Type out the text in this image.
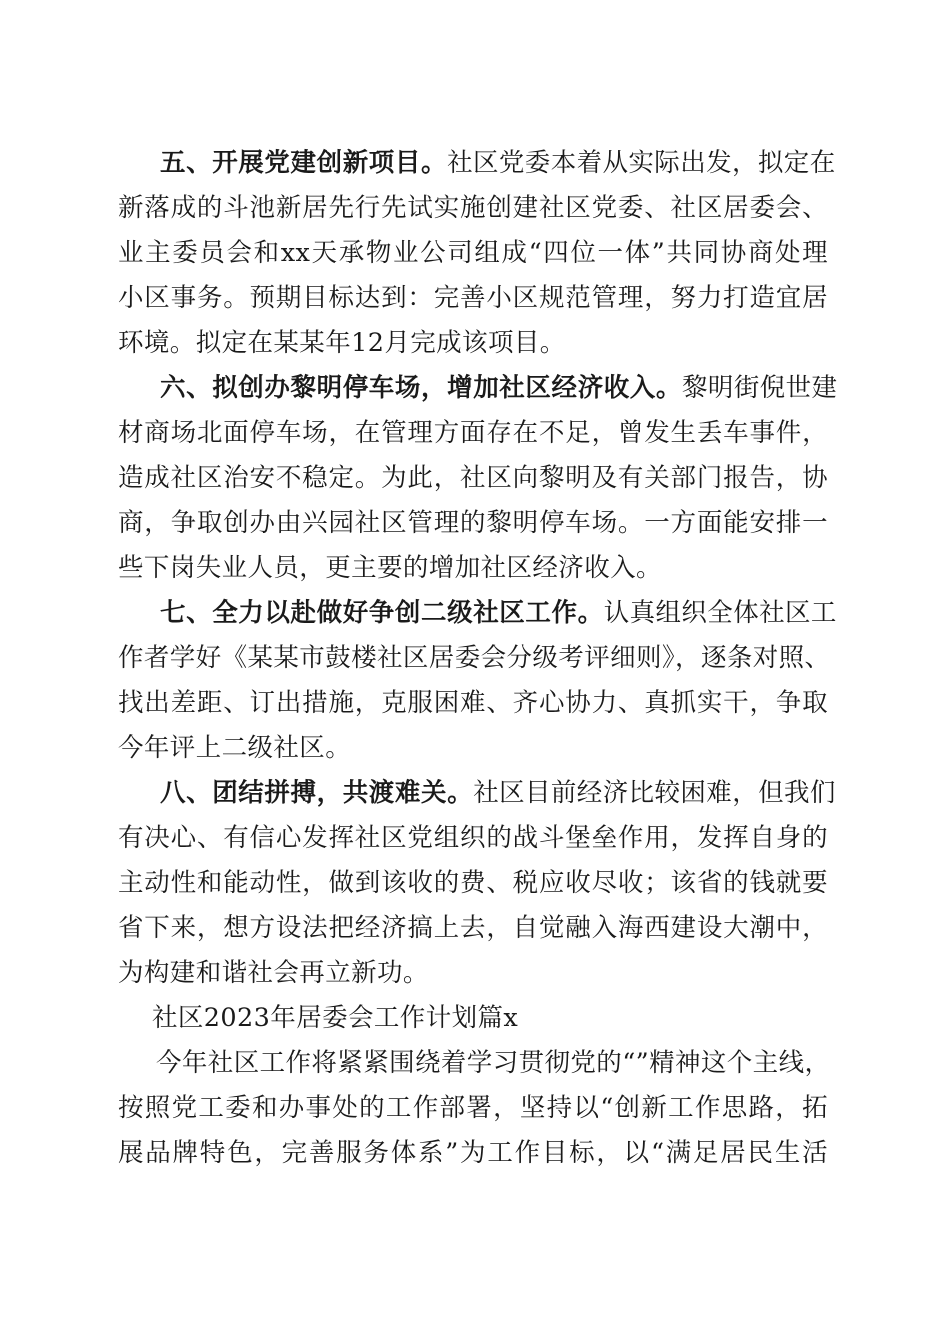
五、开展党建创新项目。社区党委本着从实际出发，拟定在
新落成的斗池新居先行先试实施创建社区党委、社区居委会、
业主委员会和xx天承物业公司组成“四位一体”共同协商处理
小区事务。预期目标达到：完善小区规范管理，努力打造宜居
环境。拟定在某某年12月完成该项目。
六、拟创办黎明停车场，增加社区经济收入。黎明街倪世建
材商场北面停车场，在管理方面存在不足，曾发生丢车事件，
造成社区治安不稳定。为此，社区向黎明及有关部门报告，协
商，争取创办由兴园社区管理的黎明停车场。一方面能安排一
些下岗失业人员，更主要的增加社区经济收入。
七、全力以赴做好争创二级社区工作。认真组织全体社区工
作者学好《某某市鼓楼社区居委会分级考评细则》，逐条对照、
找出差距、订出措施，克服困难、齐心协力、真抓实干，争取
今年评上二级社区。
八、团结拼搏，共渡难关。社区目前经济比较困难，但我们
有决心、有信心发挥社区党组织的战斗堡垒作用，发挥自身的
主动性和能动性，做到该收的费、税应收尽收；该省的钱就要
省下来，想方设法把经济搞上去，自觉融入海西建设大潮中，
为构建和谐社会再立新功。
社区2023年居委会工作计划篇x
今年社区工作将紧紧围绕着学习贯彻党的“”精神这个主线，
按照党工委和办事处的工作部署，坚持以“创新工作思路，拓
展品牌特色，完善服务体系”为工作目标，以“满足居民生活
